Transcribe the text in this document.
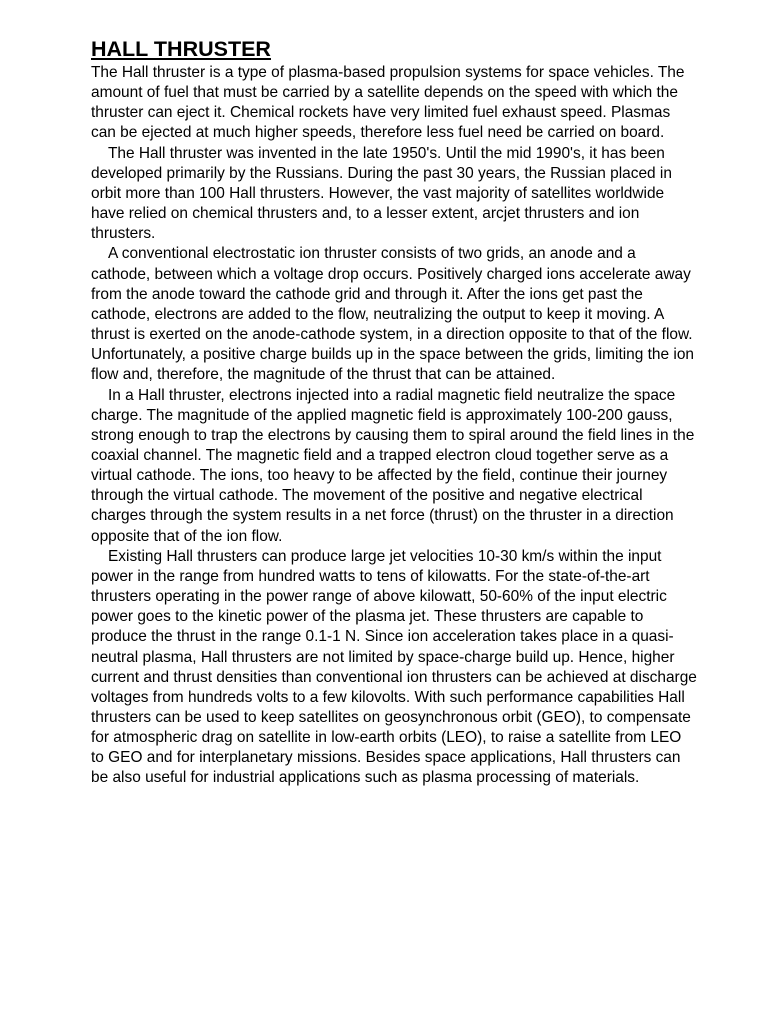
HALL THRUSTER

The Hall thruster is a type of plasma-based propulsion systems for space vehicles. The amount of fuel that must be carried by a satellite depends on the speed with which the thruster can eject it. Chemical rockets have very limited fuel exhaust speed. Plasmas can be ejected at much higher speeds, therefore less fuel need be carried on board.

The Hall thruster was invented in the late 1950's. Until the mid 1990's, it has been developed primarily by the Russians. During the past 30 years, the Russian placed in orbit more than 100 Hall thrusters. However, the vast majority of satellites worldwide have relied on chemical thrusters and, to a lesser extent, arcjet thrusters and ion thrusters.

A conventional electrostatic ion thruster consists of two grids, an anode and a cathode, between which a voltage drop occurs. Positively charged ions accelerate away from the anode toward the cathode grid and through it. After the ions get past the cathode, electrons are added to the flow, neutralizing the output to keep it moving. A thrust is exerted on the anode-cathode system, in a direction opposite to that of the flow. Unfortunately, a positive charge builds up in the space between the grids, limiting the ion flow and, therefore, the magnitude of the thrust that can be attained.

In a Hall thruster, electrons injected into a radial magnetic field neutralize the space charge. The magnitude of the applied magnetic field is approximately 100-200 gauss, strong enough to trap the electrons by causing them to spiral around the field lines in the coaxial channel. The magnetic field and a trapped electron cloud together serve as a virtual cathode. The ions, too heavy to be affected by the field, continue their journey through the virtual cathode. The movement of the positive and negative electrical charges through the system results in a net force (thrust) on the thruster in a direction opposite that of the ion flow.

Existing Hall thrusters can produce large jet velocities 10-30 km/s within the input power in the range from hundred watts to tens of kilowatts. For the state-of-the-art thrusters operating in the power range of above kilowatt, 50-60% of the input electric power goes to the kinetic power of the plasma jet. These thrusters are capable to produce the thrust in the range 0.1-1 N. Since ion acceleration takes place in a quasi-neutral plasma, Hall thrusters are not limited by space-charge build up. Hence, higher current and thrust densities than conventional ion thrusters can be achieved at discharge voltages from hundreds volts to a few kilovolts. With such performance capabilities Hall thrusters can be used to keep satellites on geosynchronous orbit (GEO), to compensate for atmospheric drag on satellite in low-earth orbits (LEO), to raise a satellite from LEO to GEO and for interplanetary missions. Besides space applications, Hall thrusters can be also useful for industrial applications such as plasma processing of materials.
